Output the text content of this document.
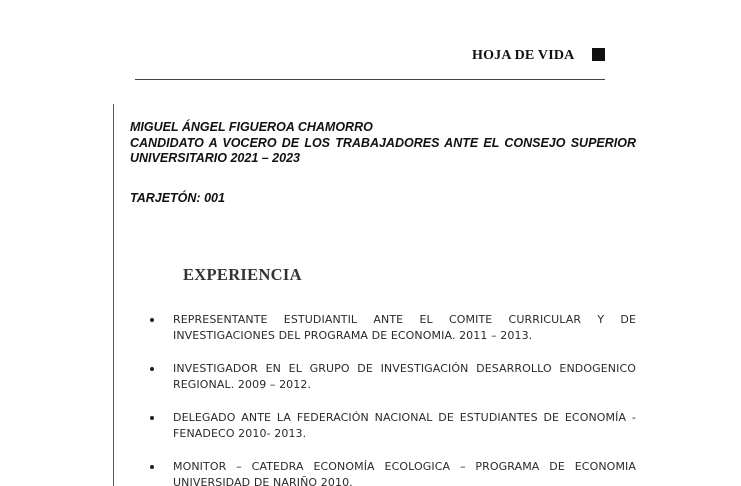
HOJA DE VIDA
MIGUEL ÁNGEL FIGUEROA CHAMORRO
CANDIDATO A VOCERO DE LOS TRABAJADORES ANTE EL CONSEJO SUPERIOR
UNIVERSITARIO 2021 – 2023
TARJETÓN: 001
EXPERIENCIA
REPRESENTANTE ESTUDIANTIL ANTE EL COMITE CURRICULAR Y DE INVESTIGACIONES DEL PROGRAMA DE ECONOMIA. 2011 – 2013.
INVESTIGADOR EN EL GRUPO DE INVESTIGACIÓN DESARROLLO ENDOGENICO REGIONAL. 2009 – 2012.
DELEGADO ANTE LA FEDERACIÓN NACIONAL DE ESTUDIANTES DE ECONOMÍA - FENADECO 2010- 2013.
MONITOR – CATEDRA ECONOMÍA ECOLOGICA – PROGRAMA DE ECONOMIA UNIVERSIDAD DE NARIÑO 2010.
